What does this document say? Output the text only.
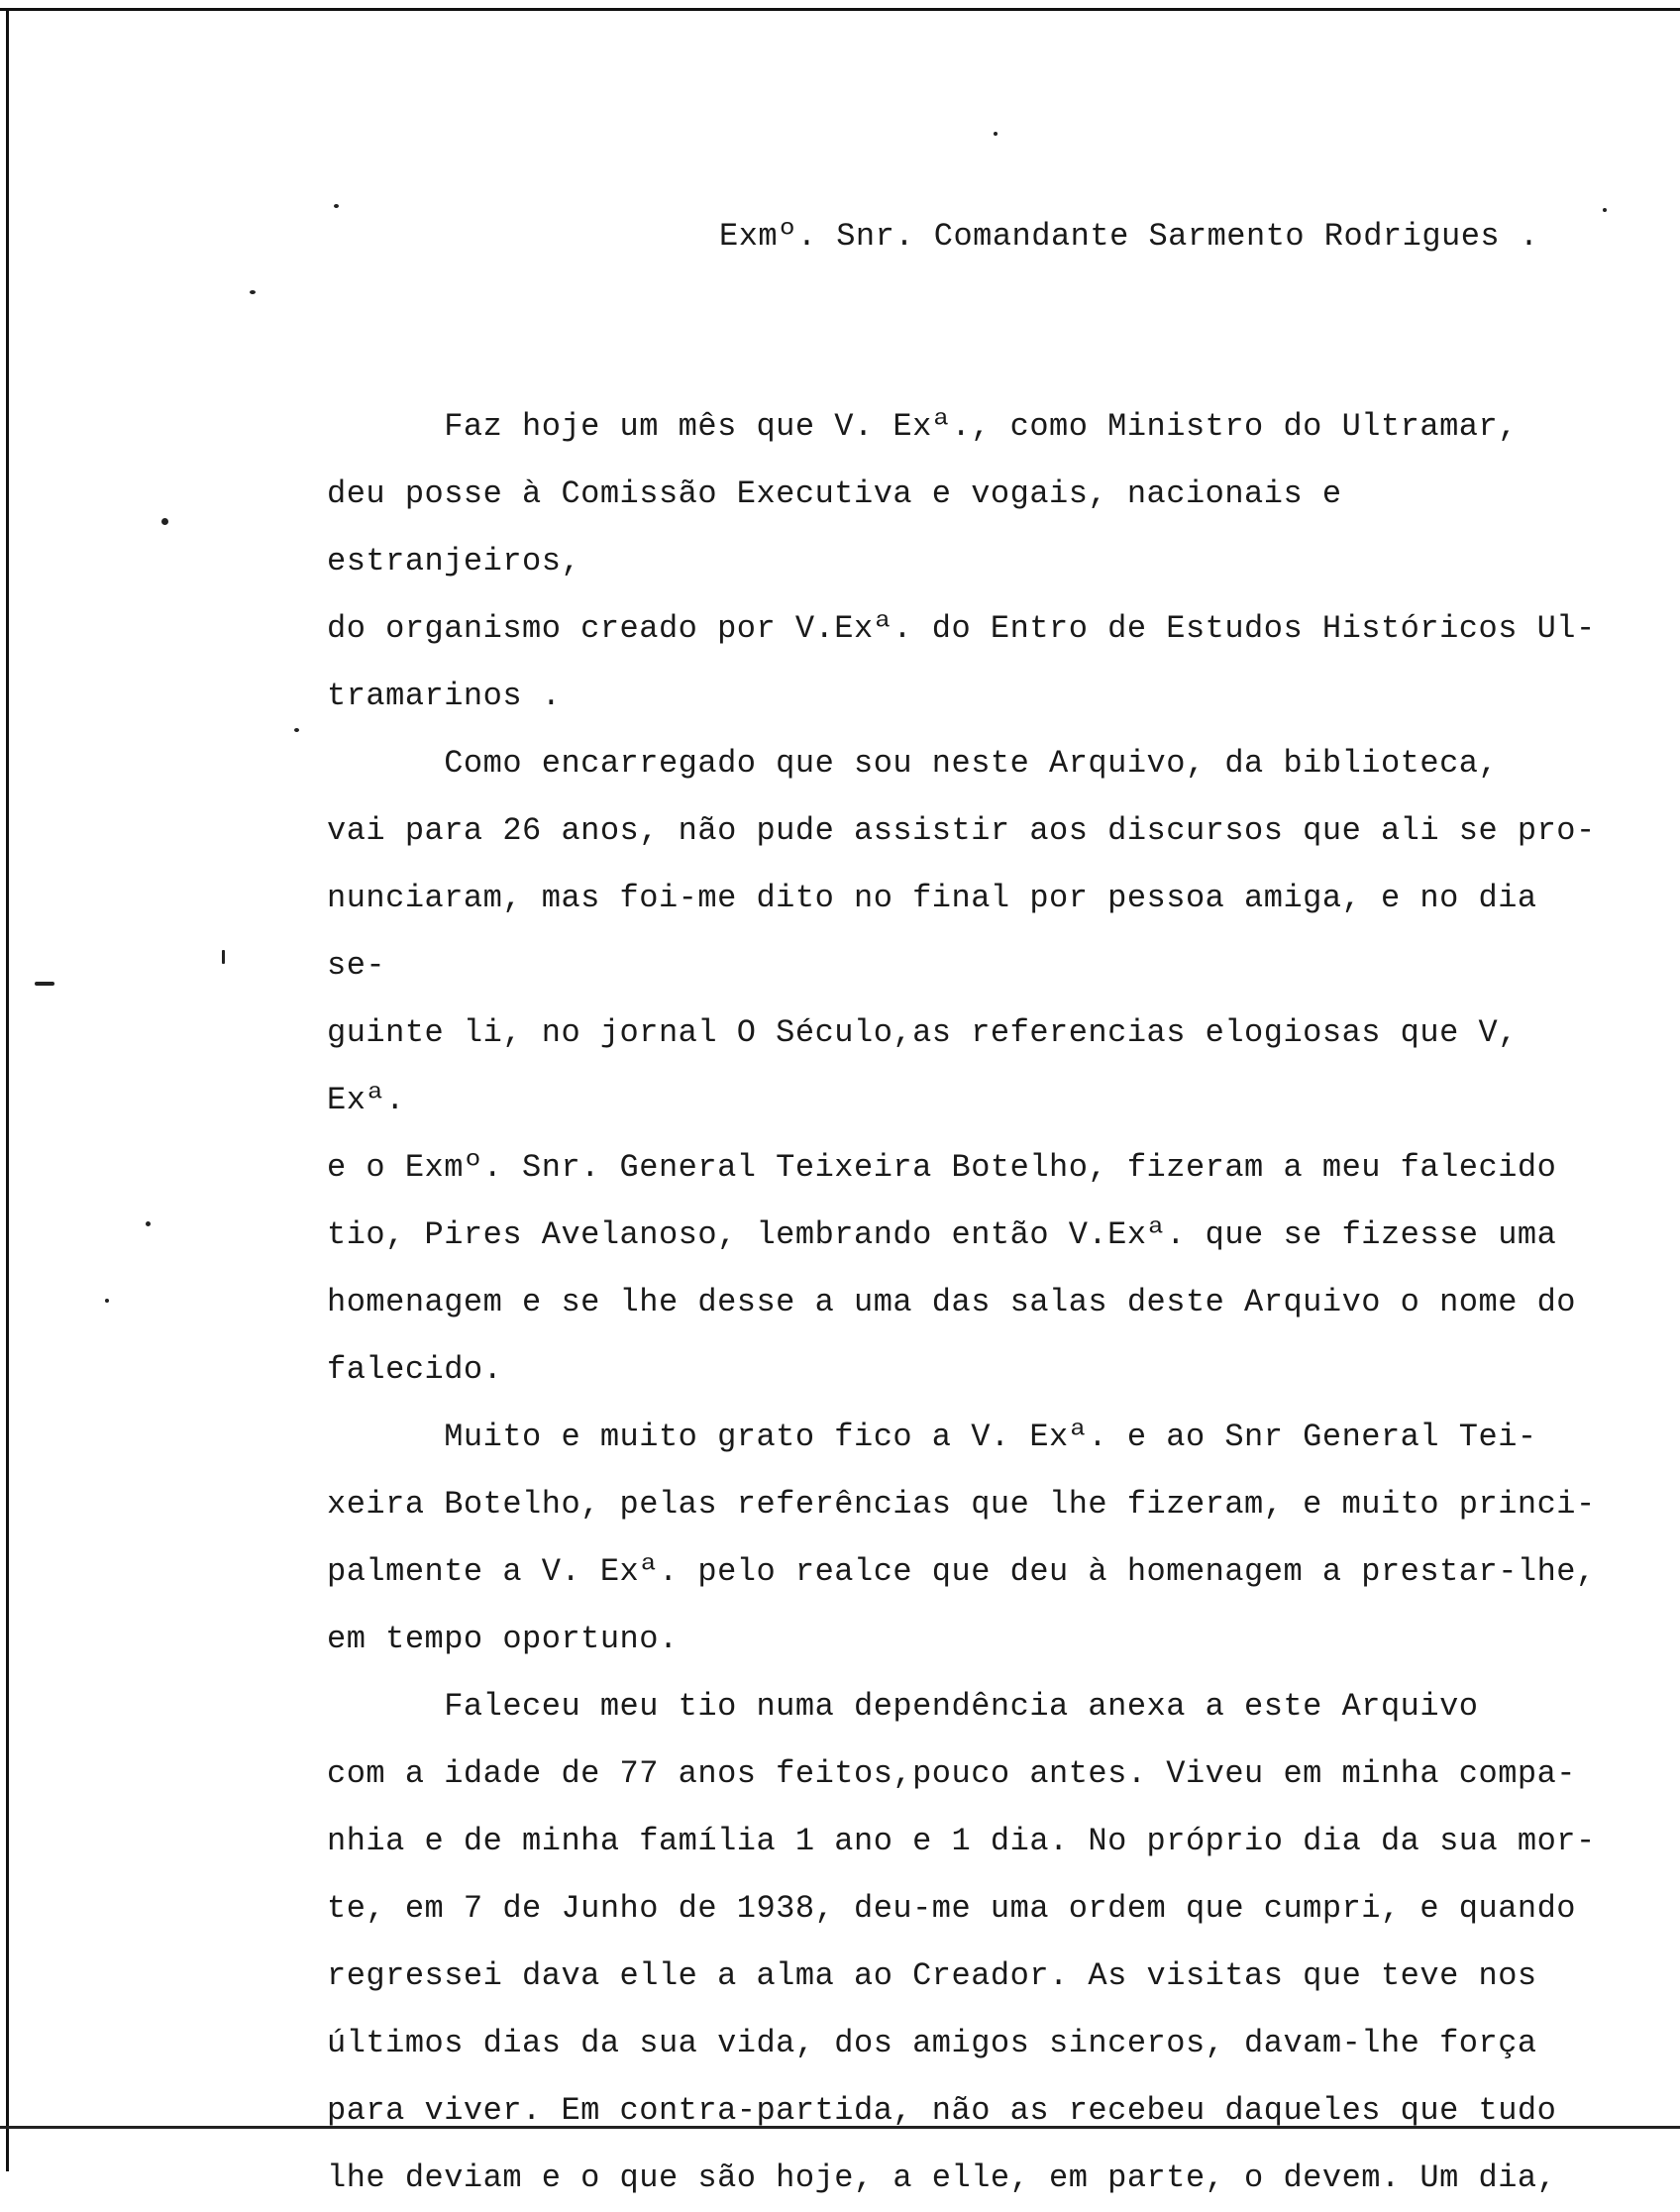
Exmº. Snr. Comandante Sarmento Rodrigues .

Faz hoje um mês que V. Exª., como Ministro do Ultramar,
deu posse à Comissão Executiva e vogais, nacionais e estranjeiros,
do organismo creado por V.Exª. do Entro de Estudos Históricos Ul-
tramarinos .

Como encarregado que sou neste Arquivo, da biblioteca,
vai para 26 anos, não pude assistir aos discursos que ali se pro-
nunciaram, mas foi-me dito no final por pessoa amiga, e no dia se-
guinte li, no jornal O Século,as referencias elogiosas que V, Exª.
e o Exmº. Snr. General Teixeira Botelho, fizeram a meu falecido
tio, Pires Avelanoso, lembrando então V.Exª. que se fizesse uma
homenagem e se lhe desse a uma das salas deste Arquivo o nome do
falecido.

Muito e muito grato fico a V. Exª. e ao Snr General Tei-
xeira Botelho, pelas referências que lhe fizeram, e muito princi-
palmente a V. Exª. pelo realce que deu à homenagem a prestar-lhe,
em tempo oportuno.

Faleceu meu tio numa dependência anexa a este Arquivo
com a idade de 77 anos feitos,pouco antes. Viveu em minha compa-
nhia e de minha família 1 ano e 1 dia. No próprio dia da sua mor-
te, em 7 de Junho de 1938, deu-me uma ordem que cumpri, e quando
regressei dava elle a alma ao Creador. As visitas que teve nos
últimos dias da sua vida, dos amigos sinceros, davam-lhe força
para viver. Em contra-partida, não as recebeu daqueles que tudo
lhe deviam e o que são hoje, a elle, em parte, o devem. Um dia,
